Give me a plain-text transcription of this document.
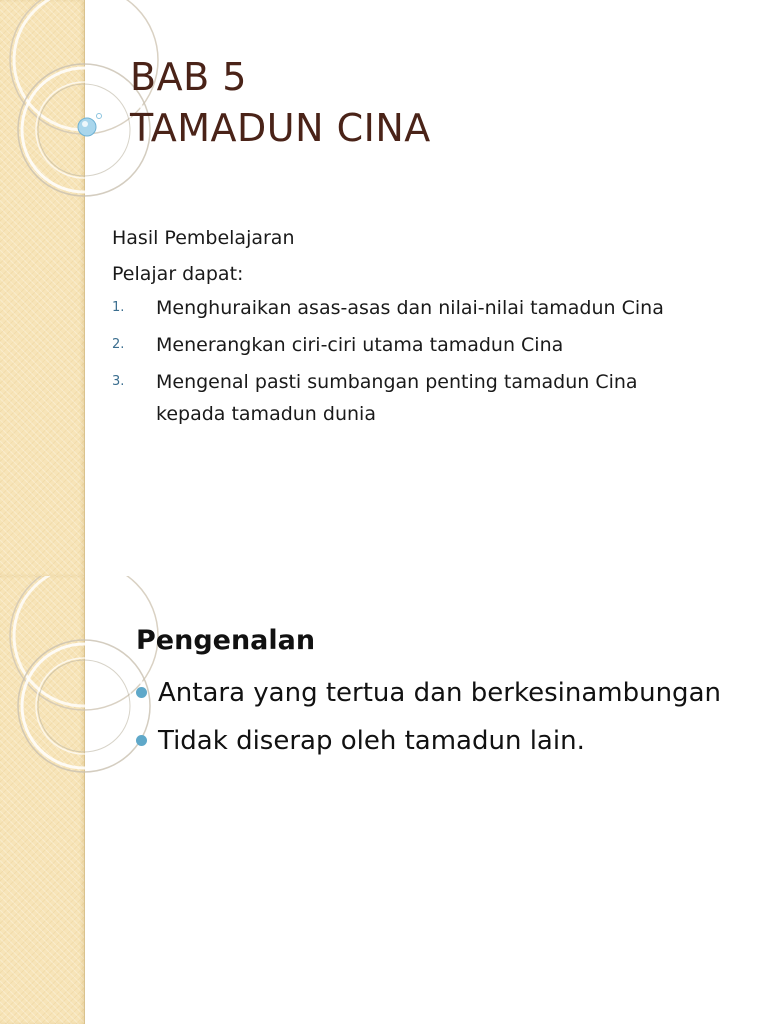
BAB 5
TAMADUN CINA
Hasil Pembelajaran
Pelajar dapat:
1. Menghuraikan asas-asas dan nilai-nilai tamadun Cina
2. Menerangkan ciri-ciri utama tamadun Cina
3. Mengenal pasti sumbangan penting tamadun Cina kepada tamadun dunia
Pengenalan
Antara yang tertua dan berkesinambungan
Tidak diserap oleh tamadun lain.
